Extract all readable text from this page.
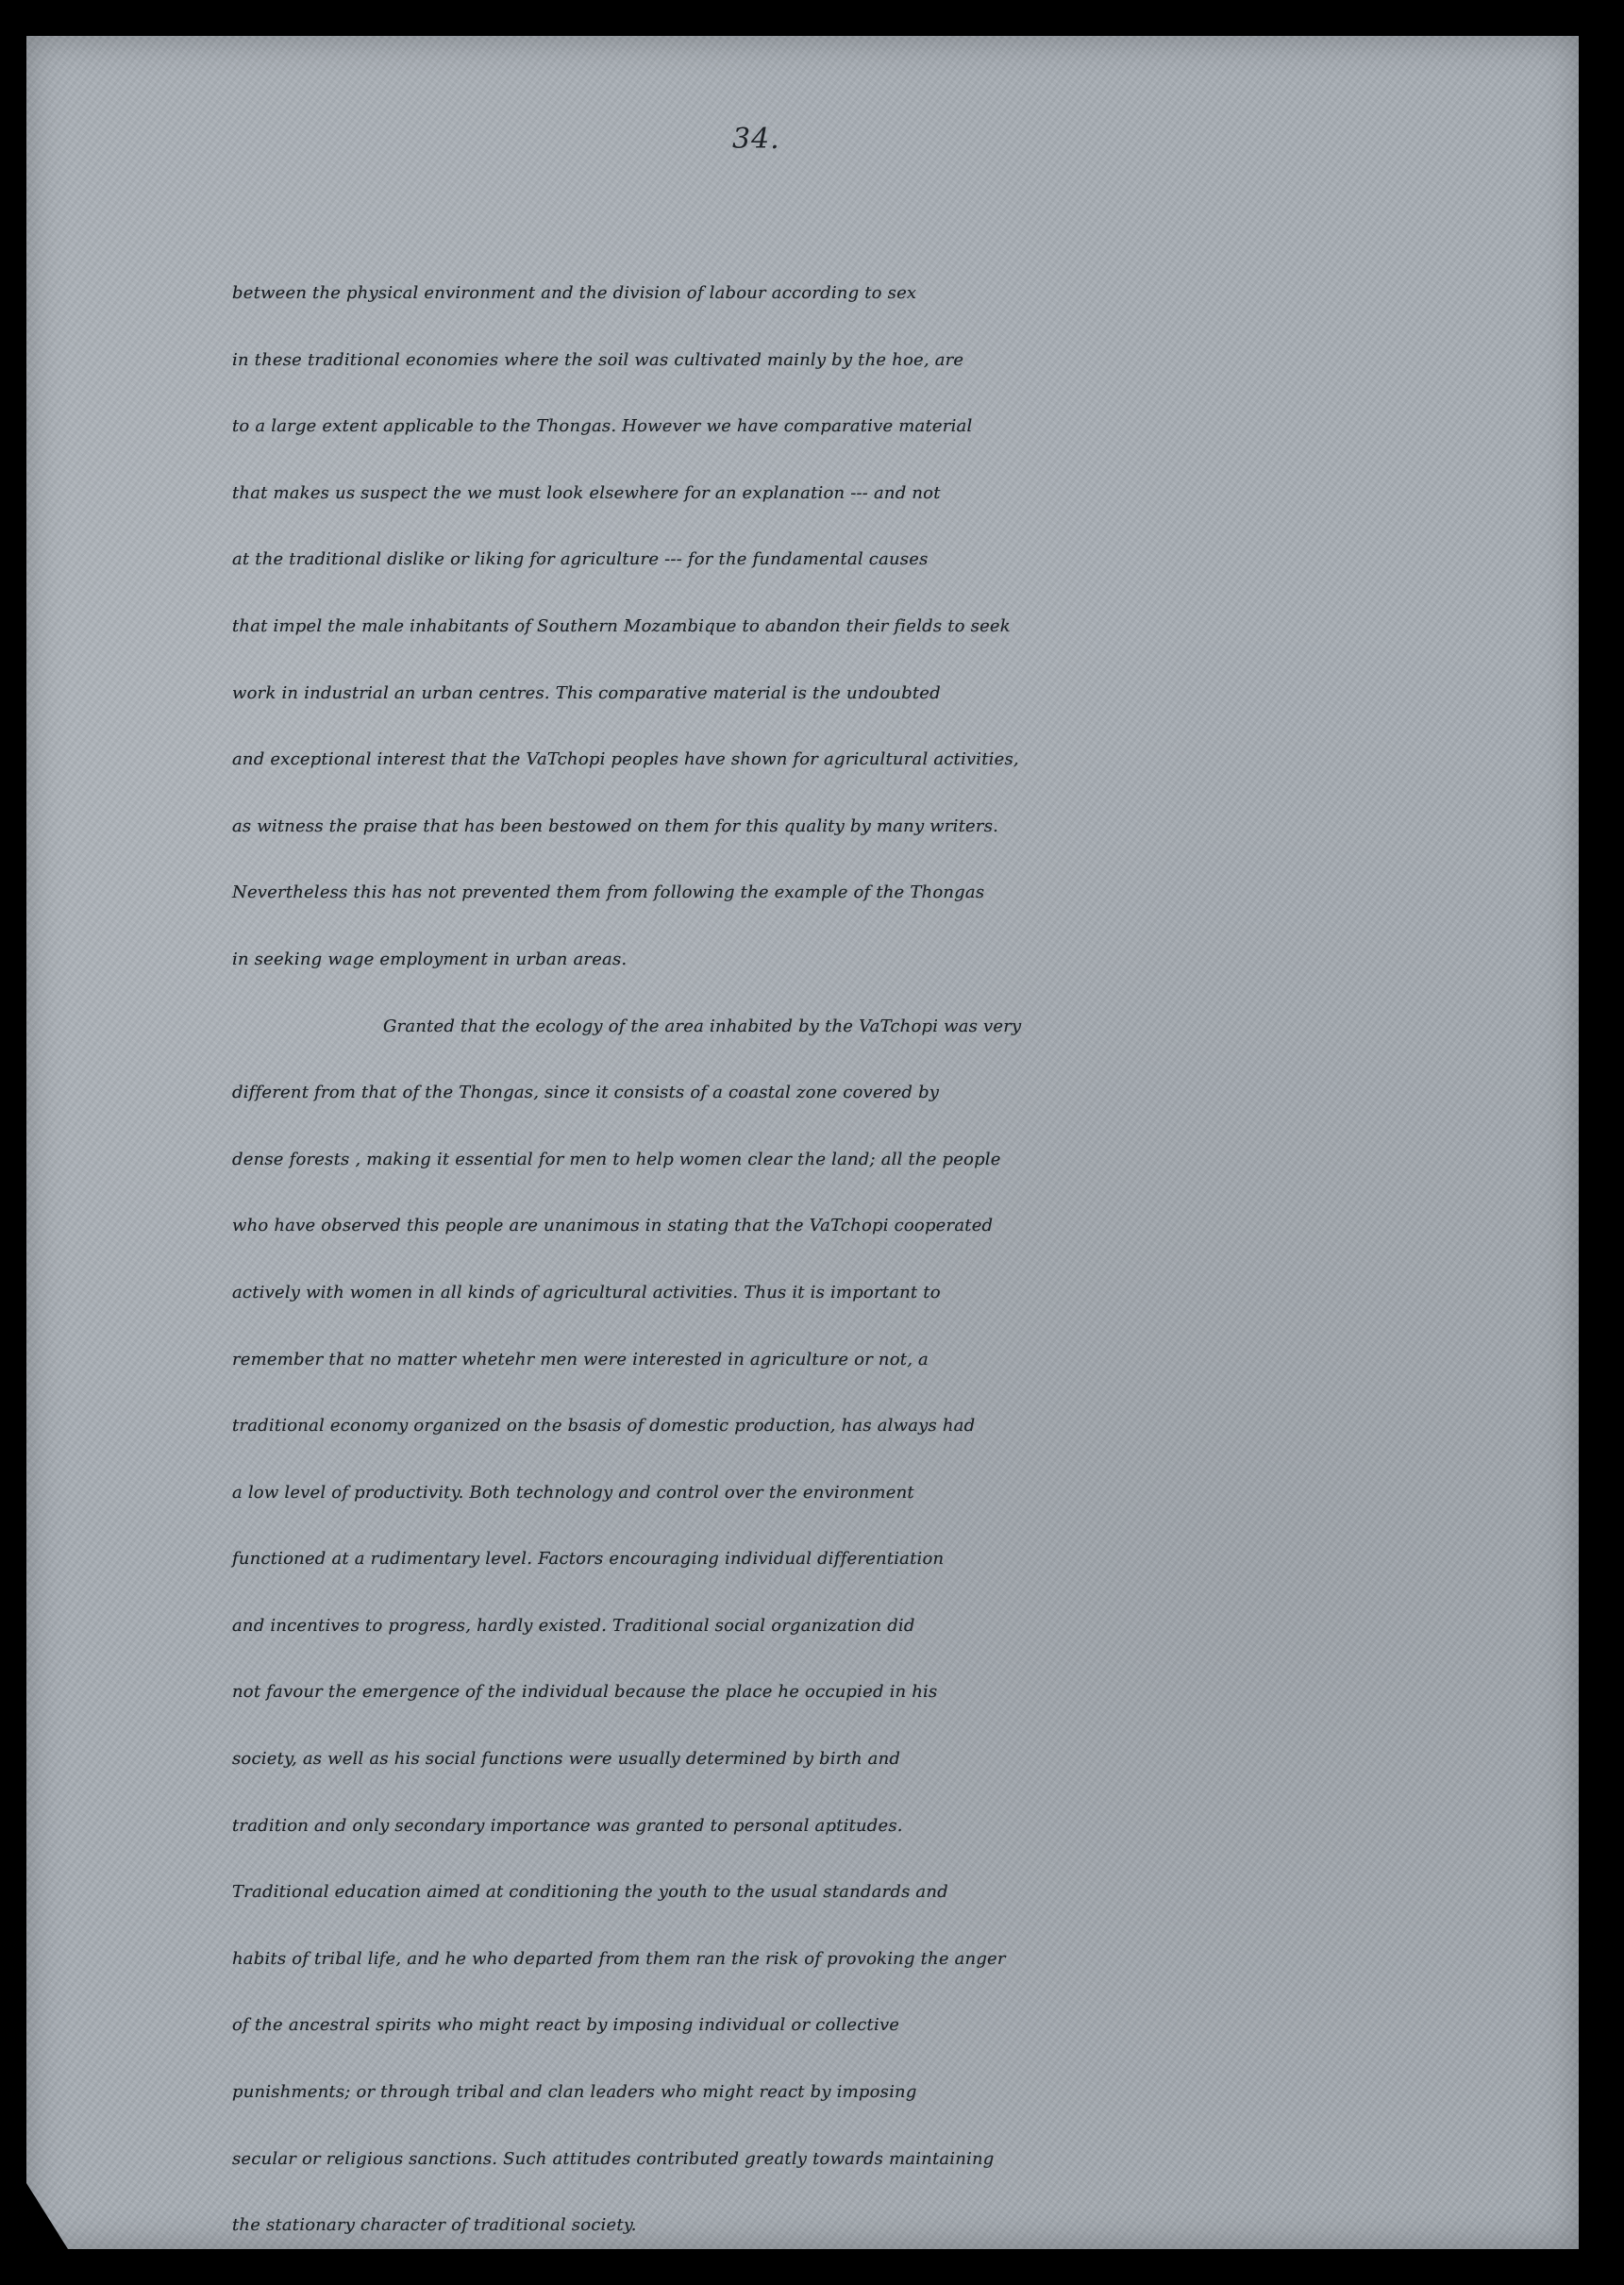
34.
between the physical environment and the division of labour according to sex
in these traditional economies where the soil was cultivated mainly by the hoe, are
to a large extent applicable to the Thongas. However we have comparative material
that makes us suspect the we must look elsewhere for an explanation --- and not
at the traditional dislike or liking for agriculture --- for the fundamental causes
that impel the male inhabitants of Southern Mozambique to abandon their fields to seek
work in industrial an urban centres. This comparative material is the undoubted
and exceptional interest that the VaTchopi peoples have shown for agricultural activities,
as witness the praise that has been bestowed on them for this quality by many writers.
Nevertheless this has not prevented them from following the example of the Thongas
in seeking wage employment in urban areas.
Granted that the ecology of the area inhabited by the VaTchopi was very
different from that of the Thongas, since it consists of a coastal zone covered by
dense forests , making it essential for men to help women clear the land; all the people
who have observed this people are unanimous in stating that the VaTchopi cooperated
actively with women in all kinds of agricultural activities. Thus it is important to
remember that no matter whetehr men were interested in agriculture or not, a
traditional economy organized on the bsasis of domestic production, has always had
a low level of productivity. Both technology and control over the environment
functioned at a rudimentary level. Factors encouraging individual differentiation
and incentives to progress, hardly existed. Traditional social organization did
not favour the emergence of the individual because the place he occupied in his
society, as well as his social functions were usually determined by birth and
tradition and only secondary importance was granted to personal aptitudes.
Traditional education aimed at conditioning the youth to the usual standards and
habits of tribal life, and he who departed from them ran the risk of provoking the anger
of the ancestral spirits who might react by imposing individual or collective
punishments; or through tribal and clan leaders who might react by imposing
secular or religious sanctions. Such attitudes contributed greatly towards maintaining
the stationary character of traditional society.
